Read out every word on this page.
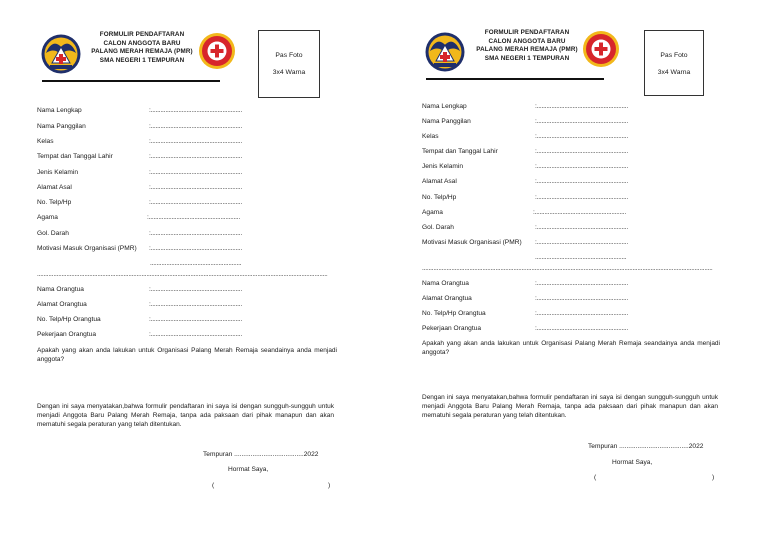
FORMULIR PENDAFTARAN
CALON ANGGOTA BARU
PALANG MERAH REMAJA (PMR)
SMA NEGERI 1 TEMPURAN
Pas Foto
3x4 Warna
Nama Lengkap	:........................................................
Nama Panggilan	:........................................................
Kelas	:........................................................
Tempat dan Tanggal Lahir	:........................................................
Jenis Kelamin	:........................................................
Alamat Asal	:........................................................
No. Telp/Hp	:........................................................
Agama	:........................................................
Gol. Darah	:........................................................
Motivasi Masuk Organisasi (PMR) :........................................................
........................................................
..................................................................................................................................................................................
Nama Orangtua	:........................................................
Alamat Orangtua	:........................................................
No. Telp/Hp Orangtua	:........................................................
Pekerjaan Orangtua	:........................................................
Apakah yang akan anda lakukan untuk Organisasi Palang Merah Remaja seandainya anda menjadi anggota?
Dengan ini saya menyatakan,bahwa formulir pendaftaran ini saya isi dengan sungguh-sungguh untuk menjadi Anggota Baru Palang Merah Remaja, tanpa ada paksaan dari pihak manapun dan akan mematuhi segala peraturan yang telah ditentukan.
Tempuran ......................................2022
Hormat Saya,
(	)
FORMULIR PENDAFTARAN
CALON ANGGOTA BARU
PALANG MERAH REMAJA (PMR)
SMA NEGERI 1 TEMPURAN	Pas Foto
3x4 Warna
Nama Lengkap	:........................................................
Nama Panggilan	:........................................................
Kelas	:........................................................
Tempat dan Tanggal Lahir	:........................................................
Jenis Kelamin	:........................................................
Alamat Asal	:........................................................
No. Telp/Hp	:........................................................
Agama	:........................................................
Gol. Darah	:........................................................
Motivasi Masuk Organisasi (PMR) :........................................................
........................................................
..................................................................................................................................................................................
Nama Orangtua	:........................................................
Alamat Orangtua	:........................................................
No. Telp/Hp Orangtua	:........................................................
Pekerjaan Orangtua	:........................................................
Apakah yang akan anda lakukan untuk Organisasi Palang Merah Remaja seandainya anda menjadi anggota?
Dengan ini saya menyatakan,bahwa formulir pendaftaran ini saya isi dengan sungguh-sungguh untuk menjadi Anggota Baru Palang Merah Remaja, tanpa ada paksaan dari pihak manapun dan akan mematuhi segala peraturan yang telah ditentukan.
Tempuran ......................................2022
Hormat Saya,
(	)
